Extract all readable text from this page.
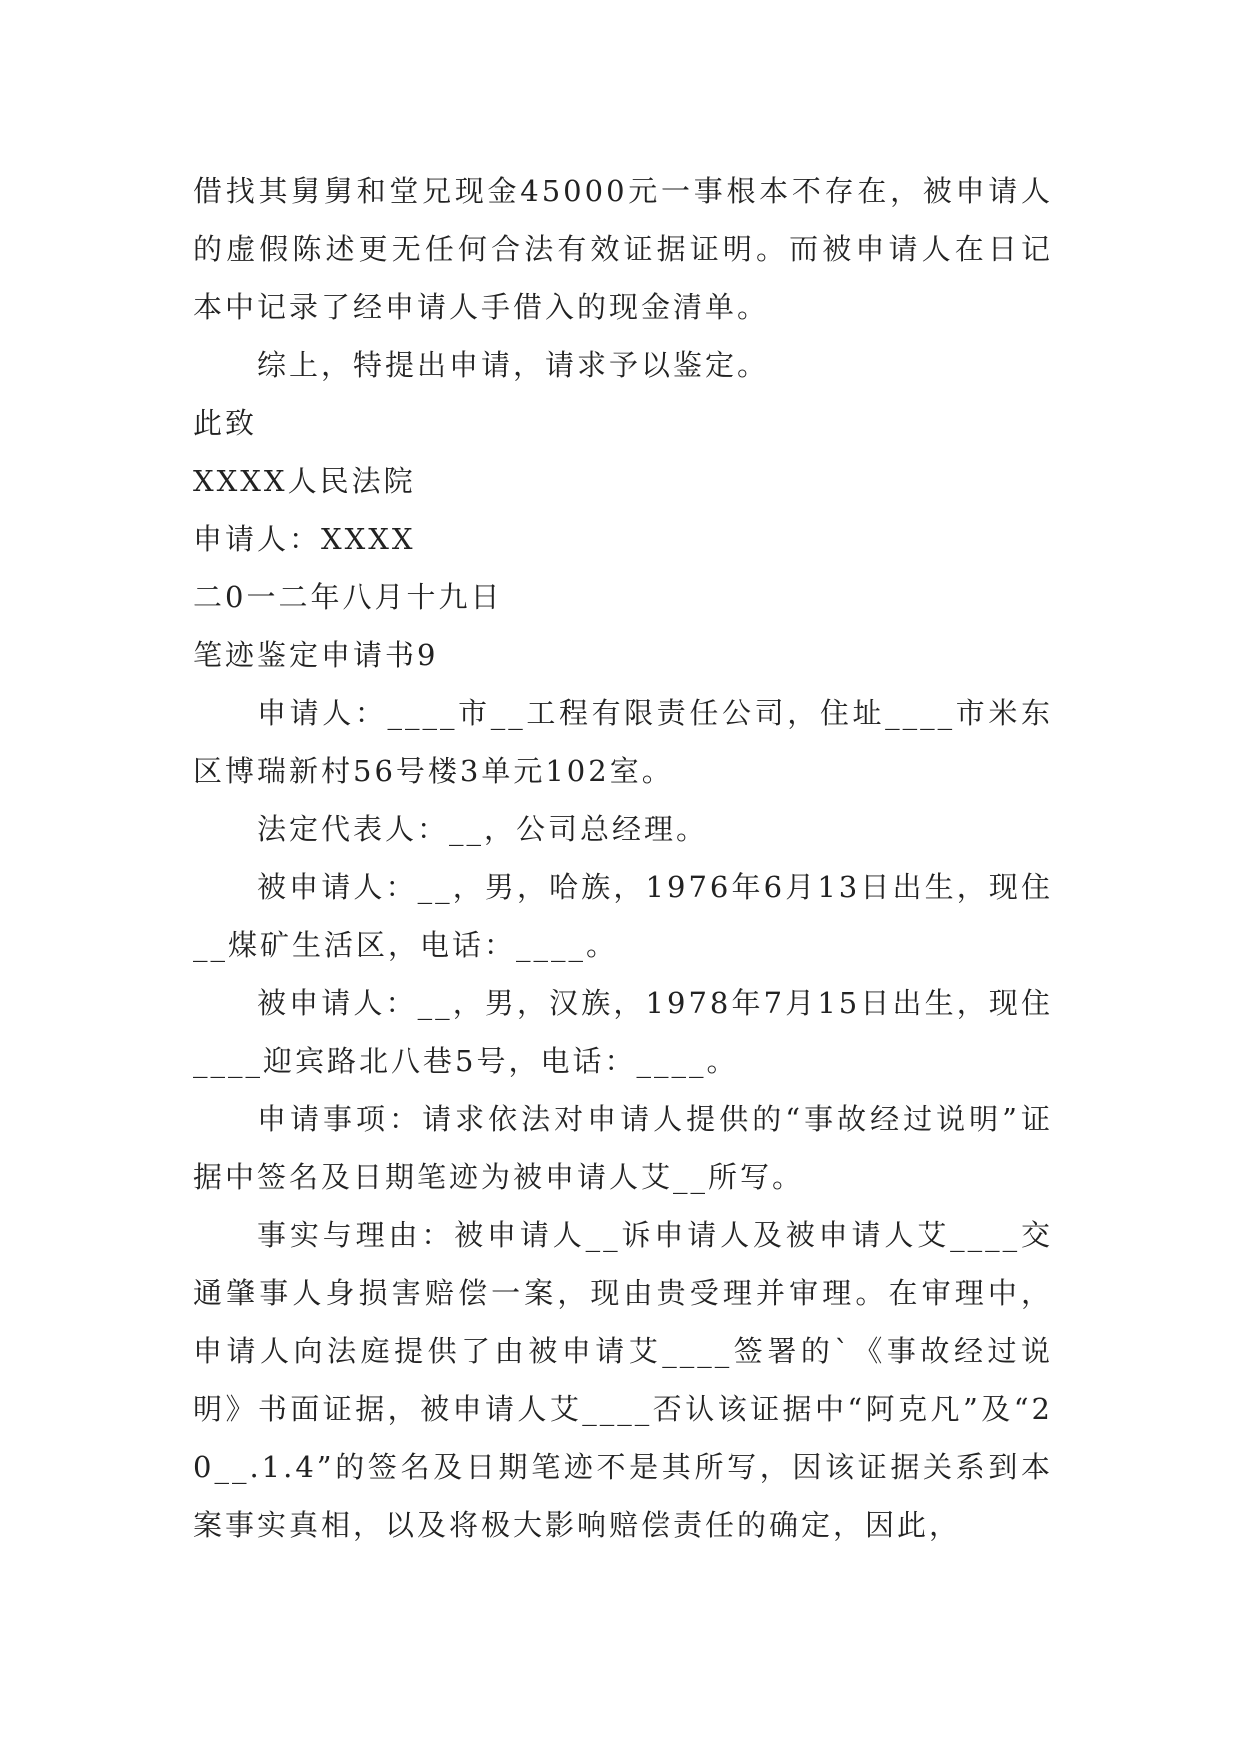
借找其舅舅和堂兄现金45000元一事根本不存在，被申请人的虚假陈述更无任何合法有效证据证明。而被申请人在日记本中记录了经申请人手借入的现金清单。

综上，特提出申请，请求予以鉴定。

此致

XXXX人民法院

申请人：XXXX

二0一二年八月十九日

笔迹鉴定申请书9

申请人：____市__工程有限责任公司，住址____市米东区博瑞新村56号楼3单元102室。

法定代表人：__，公司总经理。

被申请人：__，男，哈族，1976年6月13日出生，现住__煤矿生活区，电话：____。

被申请人：__，男，汉族，1978年7月15日出生，现住____迎宾路北八巷5号，电话：____。

申请事项：请求依法对申请人提供的“事故经过说明”证据中签名及日期笔迹为被申请人艾__所写。

事实与理由：被申请人__诉申请人及被申请人艾____交通肇事人身损害赔偿一案，现由贵受理并审理。在审理中，申请人向法庭提供了由被申请艾____签署的`《事故经过说明》书面证据，被申请人艾____否认该证据中“阿克凡”及“20__.1.4”的签名及日期笔迹不是其所写，因该证据关系到本案事实真相，以及将极大影响赔偿责任的确定，因此，
